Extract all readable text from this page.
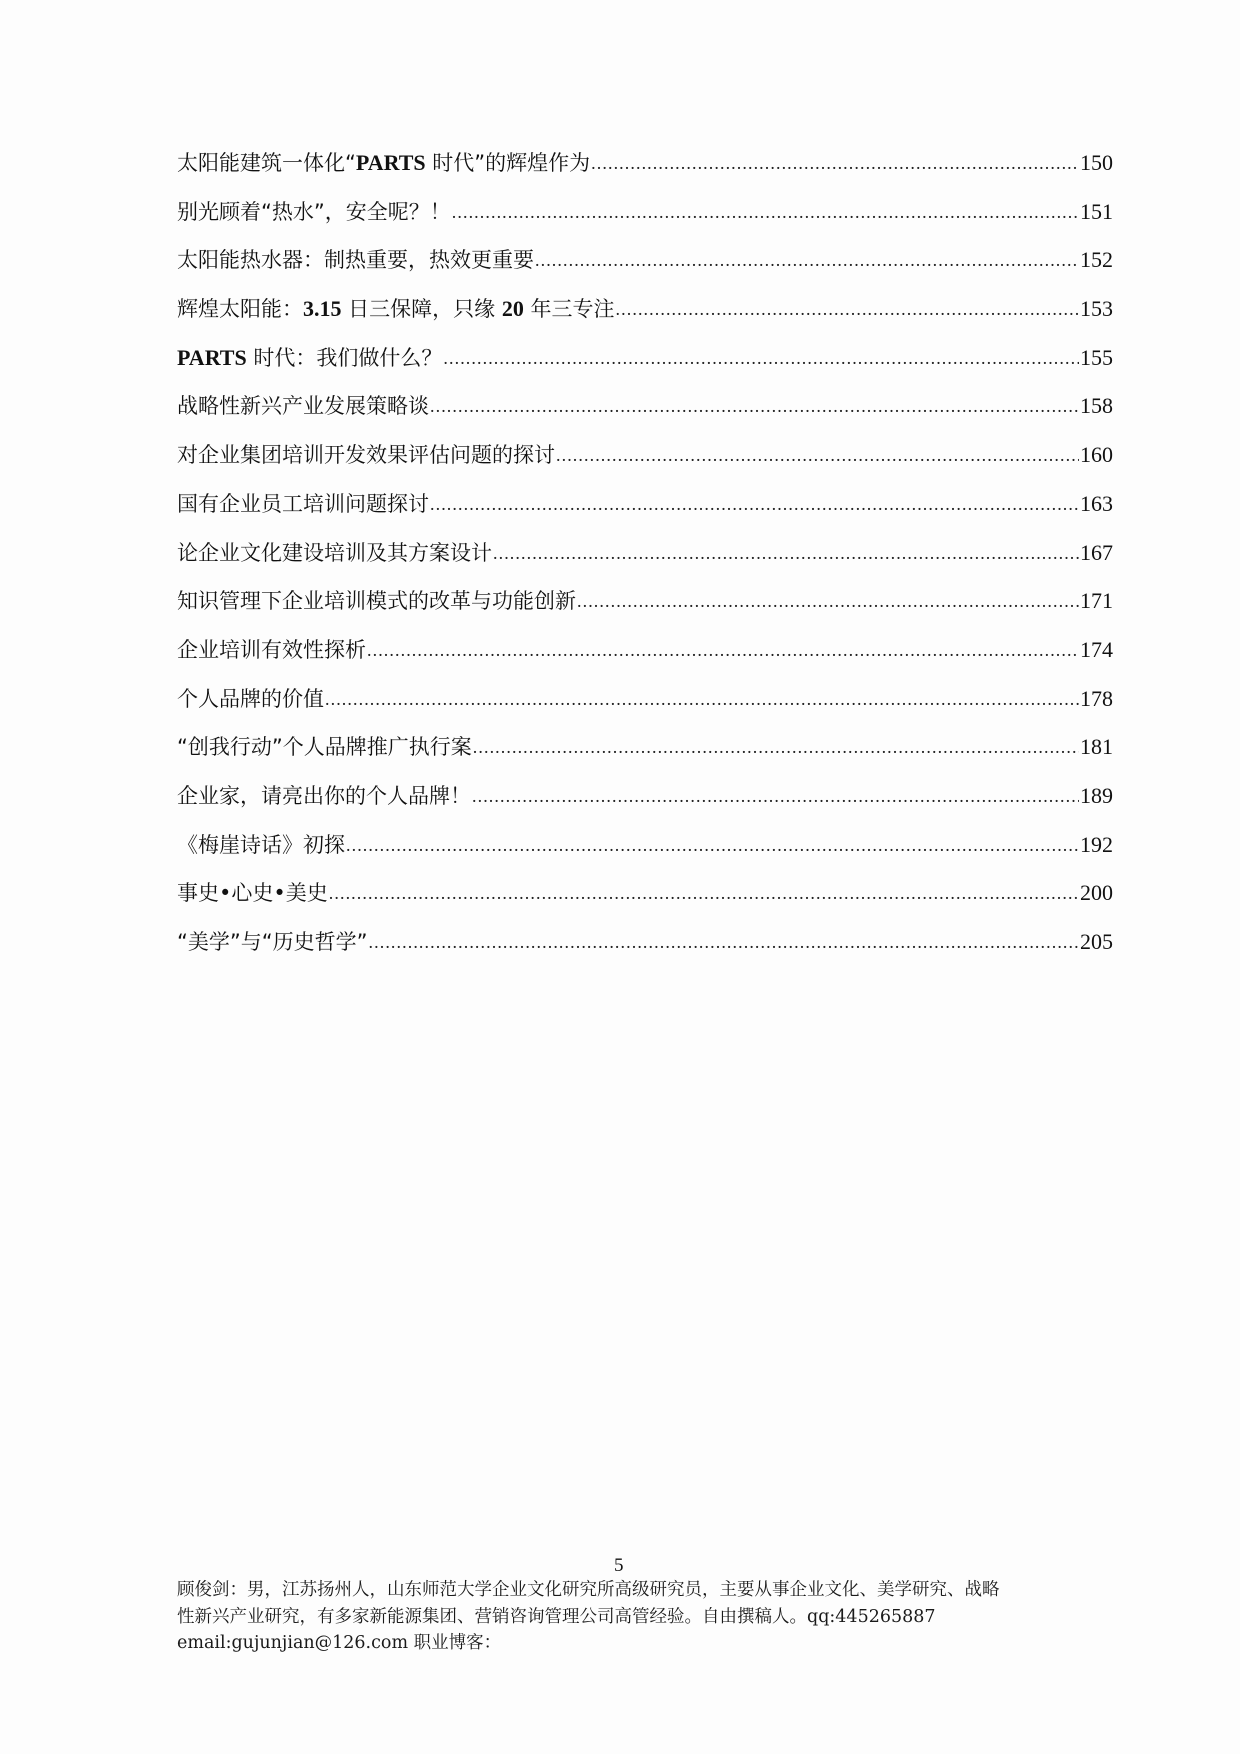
太阳能建筑一体化“PARTS 时代”的辉煌作为 .....	150
别光顾着“热水”，安全呢？！ .....	151
太阳能热水器：制热重要，热效更重要 .....	152
辉煌太阳能：3.15 日三保障，只缘 20 年三专注 .....	153
PARTS 时代：我们做什么？ .....	155
战略性新兴产业发展策略谈 .....	158
对企业集团培训开发效果评估问题的探讨 .....	160
国有企业员工培训问题探讨 .....	163
论企业文化建设培训及其方案设计 .....	167
知识管理下企业培训模式的改革与功能创新 .....	171
企业培训有效性探析 .....	174
个人品牌的价值 .....	178
“创我行动”个人品牌推广执行案 .....	181
企业家，请亮出你的个人品牌！ .....	189
《梅崖诗话》初探 .....	192
事史•心史•美史 .....	200
“美学”与“历史哲学” .....	205
5
顾俊剑：男，江苏扬州人，山东师范大学企业文化研究所高级研究员，主要从事企业文化、美学研究、战略
性新兴产业研究，有多家新能源集团、营销咨询管理公司高管经验。自由撰稿人。qq:445265887
email:gujunjian@126.com 职业博客：
